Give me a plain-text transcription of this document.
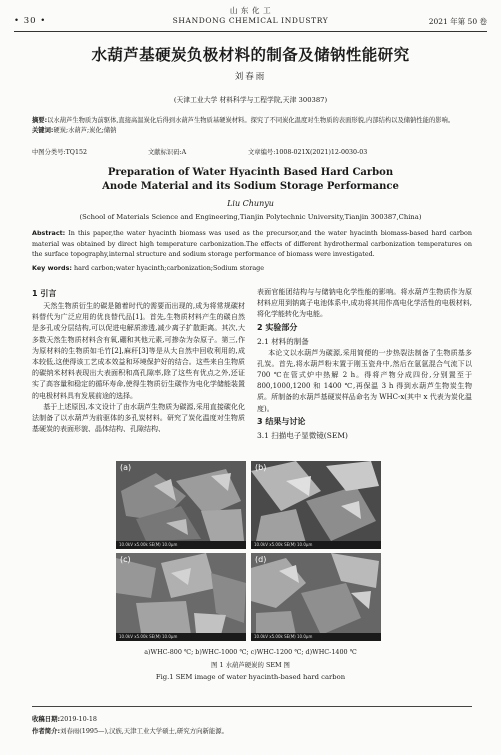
• 30 •
山 东 化 工
SHANDONG CHEMICAL INDUSTRY	2021 年第 50 卷
水葫芦基硬炭负极材料的制备及储钠性能研究
刘春雨
(天津工业大学 材料科学与工程学院,天津 300387)
摘要:以水葫芦生物质为前驱体,直接高温炭化后得到水葫芦生物质基硬炭材料。探究了不同炭化温度对生物质的表面形貌,内部结构以及储钠性能的影响。
关键词:硬炭;水葫芦;炭化;储钠
中图分类号:TQ152	文献标识码:A	文章编号:1008-021X(2021)12-0030-03
Preparation of Water Hyacinth Based Hard Carbon
Anode Material and its Sodium Storage Performance
Liu Chunyu
(School of Materials Science and Engineering,Tianjin Polytechnic University,Tianjin 300387,China)
Abstract: In this paper,the water hyacinth biomass was used as the precursor,and the water hyacinth biomass-based hard carbon material was obtained by direct high temperature carbonization.The effects of different hydrothermal carbonization temperatures on the surface topography,internal structure and sodium storage performance of biomass were investigated.
Key words: hard carbon;water hyacinth;carbonization;Sodium storage
1 引言

天然生物质衍生的碳是随着时代的需要而出现的,成为将常规碳材料替代为广泛应用的优良替代品[1]。首先,生物质材料产生的碳自然是多孔或分层结构,可以促进电解质渗透,减少离子扩散距离。其次,大多数天然生物质材料含有氧,硼和其他元素,可掺杂为杂原子。第三,作为原材料的生物质如毛竹[2],麻秆[3]等是从大自然中回收利用的,成本较低,这使得该工艺成本效益和环境保护好的结合。这些来自生物质的碳纳米材料表现出大表面积和高孔隙率,除了这些有优点之外,还证实了高容量和稳定的循环寿命,使得生物质衍生碳作为电化学储能装置的电极材料具有发展前途的选择。

基于上述原因,本文设计了由水葫芦生物质为碳源,采用直接碳化化法制备了以水葫芦为前驱体的多孔炭材料。研究了炭化温度对生物质基硬炭的表面形貌、晶体结构、孔隙结构、

表面官能团结构与与储钠电化学性能的影响。将水葫芦生物质作为原材料应用到钠离子电池体系中,成功将其用作高电化学活性的电极材料,将化学能转化为电能。

2 实验部分
2.1 材料的制备

本论文以水葫芦为碳源,采用简便的一步热裂法制备了生物质基多孔炭。首先,将水葫芦粉末置于刚玉瓷舟中,然后在氩氩混合气流下以700 ℃在管式炉中热解 2 h。得将产物分成四份,分别置至于 800,1000,1200 和 1400 ℃,再保温 3 h 得到水葫芦生物炭生物质。所制备的水葫芦基硬炭样品命名为 WHC-x(其中 x 代表为炭化温度)。

3 结果与讨论
3.1 扫描电子显微镜(SEM)
(a)
10.0kV x5.00k SE(M) 10.0μm
(b)
10.0kV x5.00k SE(M) 10.0μm
(c)
10.0kV x5.00k SE(M) 10.0μm
(d)
10.0kV x5.00k SE(M) 10.0μm
a)WHC-800 ℃; b)WHC-1000 ℃; c)WHC-1200 ℃; d)WHC-1400 ℃
图 1 水葫芦硬炭的 SEM 图
Fig.1 SEM image of water hyacinth-based hard carbon
收稿日期:2019-10-18
作者简介:刘春雨(1995—),汉族,天津工业大学硕士,研究方向新能源。
